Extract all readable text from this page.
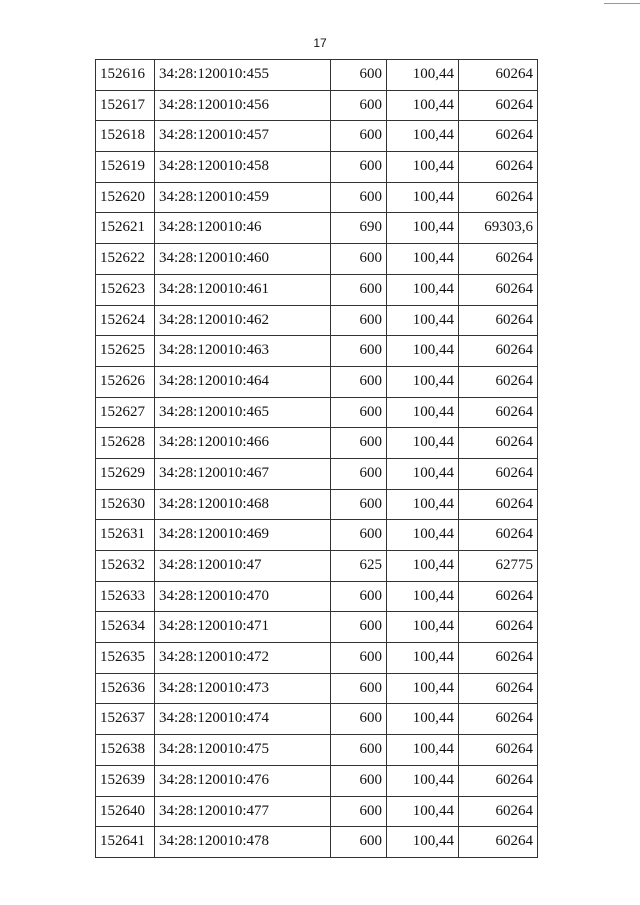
17
152616	34:28:120010:455	600	100,44	60264
152617	34:28:120010:456	600	100,44	60264
152618	34:28:120010:457	600	100,44	60264
152619	34:28:120010:458	600	100,44	60264
152620	34:28:120010:459	600	100,44	60264
152621	34:28:120010:46	690	100,44	69303,6
152622	34:28:120010:460	600	100,44	60264
152623	34:28:120010:461	600	100,44	60264
152624	34:28:120010:462	600	100,44	60264
152625	34:28:120010:463	600	100,44	60264
152626	34:28:120010:464	600	100,44	60264
152627	34:28:120010:465	600	100,44	60264
152628	34:28:120010:466	600	100,44	60264
152629	34:28:120010:467	600	100,44	60264
152630	34:28:120010:468	600	100,44	60264
152631	34:28:120010:469	600	100,44	60264
152632	34:28:120010:47	625	100,44	62775
152633	34:28:120010:470	600	100,44	60264
152634	34:28:120010:471	600	100,44	60264
152635	34:28:120010:472	600	100,44	60264
152636	34:28:120010:473	600	100,44	60264
152637	34:28:120010:474	600	100,44	60264
152638	34:28:120010:475	600	100,44	60264
152639	34:28:120010:476	600	100,44	60264
152640	34:28:120010:477	600	100,44	60264
152641	34:28:120010:478	600	100,44	60264
